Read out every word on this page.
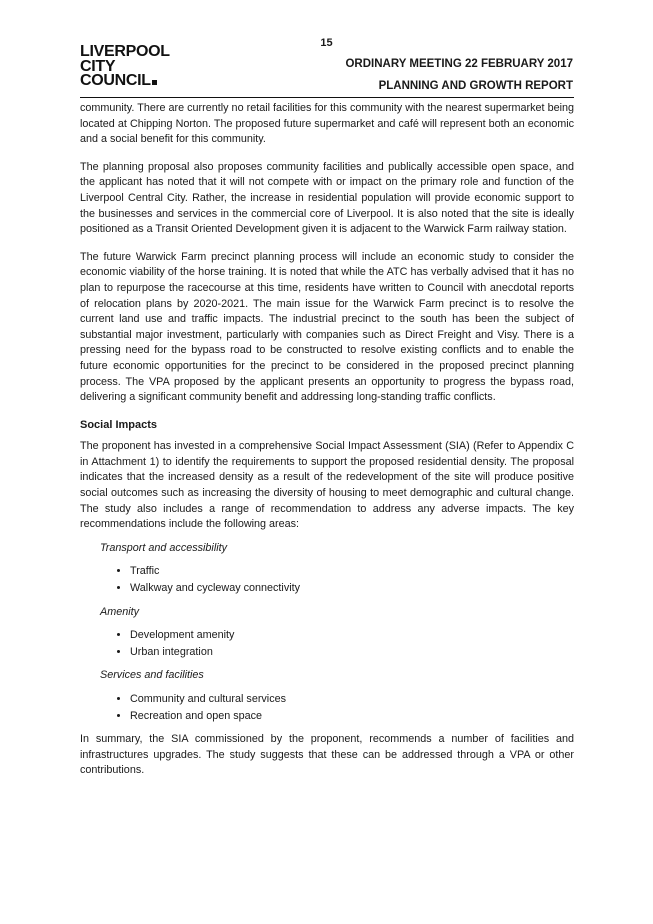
15
LIVERPOOL
CITY
COUNCIL
ORDINARY MEETING 22 FEBRUARY 2017
PLANNING AND GROWTH REPORT

community. There are currently no retail facilities for this community with the nearest supermarket being located at Chipping Norton. The proposed future supermarket and café will represent both an economic and a social benefit for this community.

The planning proposal also proposes community facilities and publically accessible open space, and the applicant has noted that it will not compete with or impact on the primary role and function of the Liverpool Central City. Rather, the increase in residential population will provide economic support to the businesses and services in the commercial core of Liverpool. It is also noted that the site is ideally positioned as a Transit Oriented Development given it is adjacent to the Warwick Farm railway station.

The future Warwick Farm precinct planning process will include an economic study to consider the economic viability of the horse training. It is noted that while the ATC has verbally advised that it has no plan to repurpose the racecourse at this time, residents have written to Council with anecdotal reports of relocation plans by 2020-2021. The main issue for the Warwick Farm precinct is to resolve the current land use and traffic impacts. The industrial precinct to the south has been the subject of substantial major investment, particularly with companies such as Direct Freight and Visy. There is a pressing need for the bypass road to be constructed to resolve existing conflicts and to enable the future economic opportunities for the precinct to be considered in the proposed precinct planning process. The VPA proposed by the applicant presents an opportunity to progress the bypass road, delivering a significant community benefit and addressing long-standing traffic conflicts.

Social Impacts

The proponent has invested in a comprehensive Social Impact Assessment (SIA) (Refer to Appendix C in Attachment 1) to identify the requirements to support the proposed residential density. The proposal indicates that the increased density as a result of the redevelopment of the site will produce positive social outcomes such as increasing the diversity of housing to meet demographic and cultural change. The study also includes a range of recommendation to address any adverse impacts. The key recommendations include the following areas:

Transport and accessibility
• Traffic
• Walkway and cycleway connectivity
Amenity
• Development amenity
• Urban integration
Services and facilities
• Community and cultural services
• Recreation and open space

In summary, the SIA commissioned by the proponent, recommends a number of facilities and infrastructures upgrades. The study suggests that these can be addressed through a VPA or other contributions.
